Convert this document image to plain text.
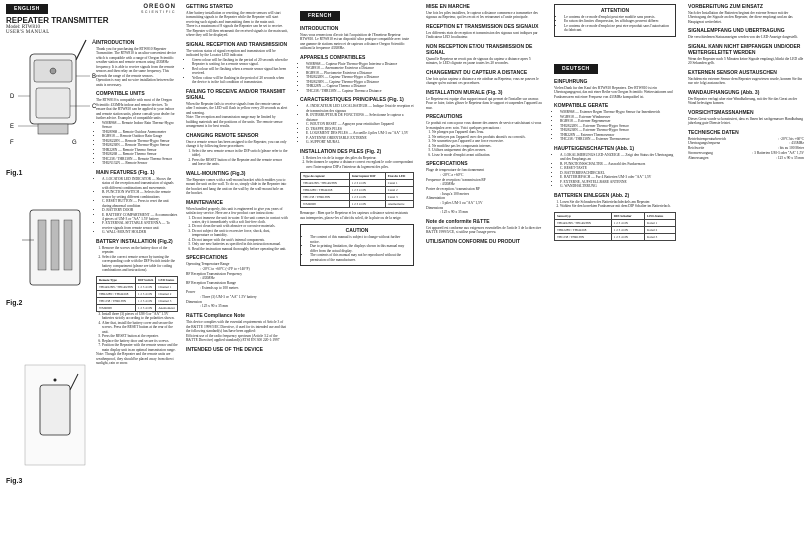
ENGLISH	OREGON
SCIENTIFIC
REPEATER TRANSMITTER
Model: RTW810
USER'S MANUAL
Fig.1
A
B
C
D
E
F	G
Fig.2
Fig.3
INTRODUCTION

Thank you for purchasing the RTW810 Repeater Transmitter. The RTW810 is an ultra-convenient device which is compatible with a range of Oregon Scientific weather station and remote sensors using 433MHz frequency. It is able to receive signals from the remote sensors and then relay on the same frequency. This extends the range of the remote sensors.

Operation is easy and no wire installation between the units is necessary.

COMPATIBLE UNITS

The RTW810 is compatible with most of the Oregon Scientific 433MHz indoor and remote devices. To ensure that the RTW810 can be applied to your indoor and remote station units, please consult your dealer for further advice. Examples of compatible units:

• WMR968 — Remote Indoor Rain Thermo-Hygro Sensor
• THGR968 — Remote Outdoor Anemometer
• RGR918 — Remote Outdoor Rain Gauge
• THGR228N — Remote Thermo-Hygro Sensor
• THGR238N — Remote Thermo-Hygro Sensor
• THR228N — Remote Thermo Sensor
• THGR268 — Remote Thermo Sensor
• THC238 / THR138N — Remote Thermo Sensor
• THGN132N — Remote Sensor
MAIN FEATURES (Fig. 1)
• A. LOCATOR LED INDICATOR — Shows the status of the reception and transmission of signals with different combinations and movements
• B. FUNCTION SWITCH — Selects the remote sensor by setting different combinations
• C. RESET BUTTON — Press to reset the unit during abnormal condition
• D. BATTERY DOOR
• E. BATTERY COMPARTMENT — Accommodates 4 pieces of UM-3 or "AA" 1.5V battery
• F. EXTERNAL SETTABLE ANTENNA — To receive signals from remote sensor unit
• G. WALL-MOUNT HOLDER
BATTERY INSTALLATION (Fig.2)
1. Remove the screws on the battery door of the repeater.
2. Select the correct remote sensor by turning the corresponding code with the DIP Switch inside the battery compartment (please see table for coding combinations and instructions).
Remote Type	DIP Switch	LED Status
THGR228N / THGR238N	1 2 3 4 ON	Channel 1
THR228N / THGR268	1 2 3 4 ON	Channel 2
THC238 / THR138N	1 2 3 4 ON	Channel 3
WMR968	1 2 3 4 ON	Anemometer
3. Install three (3) pieces of UM-3 or "AA" 1.5V batteries strictly according to the polarities shown.
4. After that, install the battery cover and secure the screws. Press the RESET button at the rear of the unit.
5. Press the RESET button at the repeater.
6. Replace the battery door and secure its screws.
7. Position the Repeater with the remote sensor and the main display unit in an optimal transmission range.

Note: Though the Repeater and the remote units are weatherproof, they should be placed away from direct sunlight, rain or snow.

GETTING STARTED

After battery installation or resetting, the remote sensors will start transmitting signals to the Repeater while the Repeater will start receiving such signals and transmitting them to the main unit.

There is a maximum of 8 signals the Repeater can be set to receive. The Repeater will then retransmit the received signals to the main unit, where they will be displayed.

SIGNAL RECEPTION AND TRANSMISSION

The various status of signal reception and transmission will be indicated by the Locator LED indicator.

• Green colour will be flashing in the period of 20 seconds when the Repeater is waiting for a remote sensor signal.
• Red colour will be flashing when a remote sensor signal has been received.
• Yellow colour will be flashing in the period of 20 seconds when the device is in the fail condition of transmission.
FAILING TO RECEIVE AND/OR TRANSMIT SIGNAL

When the Repeater fails to receive signals from the remote sensor after 5 minutes, the LED will flash in yellow every 20 seconds as alert and warning.

Note: The reception and transmission range may be limited by building materials and the positions of the units. The remote sensor arrangement is for best results.

CHANGING REMOTE SENSOR

Once a remote sensor has been assigned to the Repeater, you can only change it by following these procedures:

1. Select the new remote sensor in the DIP switch (please refer to the table).
2. Press the RESET button of the Repeater and the remote sensor and leave the units.
WALL-MOUNTING (Fig.3)

The Repeater comes with a wall-mount bracket which enables you to mount the unit on the wall. To do so, simply slide in the Repeater into the bracket and hang the unit on the wall by the wall-mount hole on the bracket.

MAINTENANCE

When handled properly, this unit is engineered to give you years of satisfactory service. Here are a few product care instructions:

1. Do not immerse the unit in water. If the unit comes in contact with water, dry it immediately with a soft lint-free cloth.
2. Do not clean the unit with abrasive or corrosive materials.
3. Do not subject the unit to excessive force, shock, dust, temperature or humidity.
4. Do not tamper with the unit's internal components.
5. Only use new batteries as specified in this instruction manual.
6. Read the instruction manual thoroughly before operating the unit.
SPECIFICATIONS
Operating Temperature Range
: -20°C to +60°C (-4°F to +140°F)
RF Reception Transmission Frequency
: 433MHz
RF Reception Transmission Range
: Extends up to 100 metres
Power
: Three (3) UM-3 or "AA" 1.5V battery
Dimension
: 125 x 90 x 35 mm
R&TTE Compliance Note

This device complies with the essential requirements of Article 3 of the R&TTE 1999/5/EC Directive, if used for its intended use and that the following standard(s) has/have been applied:

Efficient use of the radio frequency spectrum (Article 3.2 of the R&TTE Directive) applied standard(s) ETSI EN 300 220-1:1997

INTENDED USE OF THE DEVICE
FRENCH
INTRODUCTION

Nous vous remercions d'avoir fait l'acquisition de l'Emetteur Repeteur RTW810. Le RTW810 est un dispositif ultra pratique compatible avec toute une gamme de stations meteo et de capteurs a distance Oregon Scientific utilisant la frequence 433MHz.

APPAREILS COMPATIBLES
• WMR968 — Capteur Pluie Thermo-Hygro Interieur a Distance
• WGR918 — Anemometre Exterieur a Distance
• RGR918 — Pluviometre Exterieur a Distance
• THGR228N — Capteur Thermo-Hygro a Distance
• THGR238N — Capteur Thermo-Hygro a Distance
• THR228N — Capteur Thermo a Distance
• THC238 / THR138N — Capteur Thermo a Distance
CARACTERISTIQUES PRINCIPALES (Fig. 1)
• A. INDICATEUR LED LOCALISATEUR — Indique l'etat de reception et de transmission des signaux
• B. INTERRUPTEUR DE FONCTIONS — Selectionne le capteur a distance
• C. BOUTON RESET — Appuyez pour reinitialiser l'appareil
• D. TRAPPE DES PILES
• E. LOGEMENT DES PILES — Accueille 4 piles UM-3 ou "AA" 1,5V
• F. ANTENNE ORIENTABLE EXTERNE
• G. SUPPORT MURAL
INSTALLATION DES PILES (Fig. 2)
1. Retirez les vis de la trappe des piles du Repeteur.
2. Selectionnez le capteur a distance correct en reglant le code correspondant avec l'interrupteur DIP a l'interieur du logement des piles.
Type de capteur	Interrupteur DIP	Etat du LED
THGR228N / THGR238N	1 2 3 4 ON	Canal 1
THR228N / THGR268	1 2 3 4 ON	Canal 2
THC238 / THR138N	1 2 3 4 ON	Canal 3
WMR968	1 2 3 4 ON	Anemometre

Remarque : Bien que le Repeteur et les capteurs a distance soient resistants aux intemperies, placez-les a l'abri du soleil, de la pluie ou de la neige.

CAUTION
• The content of this manual is subject to change without further notice.
• Due to printing limitation, the displays shown in this manual may differ from the actual display.
• The contents of this manual may not be reproduced without the permission of the manufacturer.
MISE EN MARCHE

Une fois les piles installees, le capteur a distance commence a transmettre des signaux au Repeteur, qui les recoit et les retransmet a l'unite principale.

RECEPTION ET TRANSMISSION DES SIGNAUX

Les differents etats de reception et transmission des signaux sont indiques par l'indicateur LED localisateur.

NON RECEPTION ET/OU TRANSMISSION DE SIGNAL

Quand le Repeteur ne recoit pas de signaux du capteur a distance apres 5 minutes, le LED clignote en jaune toutes les 20 secondes.

CHANGEMENT DU CAPTEUR A DISTANCE

Une fois qu'un capteur a distance a ete attribue au Repeteur, vous ne pouvez le changer qu'en suivant ces procedures.

INSTALLATION MURALE (Fig. 3)

Le Repeteur est equipe d'un support mural qui permet de l'installer sur un mur. Pour ce faire, faites glisser le Repeteur dans le support et suspendez l'appareil au mur.

PRECAUTIONS

Ce produit est concu pour vous donner des annees de service satisfaisant si vous le manipulez avec soin. Voici quelques precautions :

1. Ne plongez pas l'appareil dans l'eau.
2. Ne nettoyez pas l'appareil avec des produits abrasifs ou corrosifs.
3. Ne soumettez pas l'appareil a une force excessive.
4. Ne modifiez pas les composants internes.
5. Utilisez uniquement des piles neuves.
6. Lisez le mode d'emploi avant utilisation.
SPECIFICATIONS
Plage de temperature de fonctionnement
: -20°C a +60°C
Frequence de reception / transmission RF
: 433MHz
Portee de reception / transmission RF
: Jusqu'a 100 metres
Alimentation
: 3 piles UM-3 ou "AA" 1,5V
Dimensions
: 125 x 90 x 35 mm
Note de conformite R&TTE

Cet appareil est conforme aux exigences essentielles de l'article 3 de la directive R&TTE 1999/5/CE, si utilise pour l'usage prevu.

UTILISATION CONFORME DU PRODUIT
ATTENTION
• Le contenu de ce mode d'emploi peut etre modifie sans preavis.
• En raison des limites d'impression, les affichages peuvent differer.
• Le contenu de ce mode d'emploi ne peut etre reproduit sans l'autorisation du fabricant.
DEUTSCH
EINFUHRUNG

Vielen Dank fur den Kauf des RTW810 Repeaters. Der RTW810 ist ein Ubertragungsgerat, das mit einer Reihe von Oregon Scientific Wetterstationen und Funksensoren mit einer Frequenz von 433MHz kompatibel ist.

KOMPATIBLE GERATE
• WMR968 — Externer Regen Thermo-Hygro Sensor fur Innenbereich
• WGR918 — Externer Windmesser
• RGR918 — Externer Regenmesser
• THGR228N — Externer Thermo-Hygro Sensor
• THGR238N — Externer Thermo-Hygro Sensor
• THR228N — Externer Thermosensor
• THC238 / THR138N — Externer Thermosensor
HAUPTEIGENSCHAFTEN (Abb. 1)
• A. LOKALISIERUNGS LED-ANZEIGE — Zeigt den Status der Ubertragung und des Empfangs an
• B. FUNKTIONSSCHALTER — Auswahl des Funksensors
• C. RESET-TASTE
• D. BATTERIEFACHDECKEL
• E. BATTERIEFACH — Fur 4 Batterien UM-3 oder "AA" 1,5V
• F. EXTERNE, AUFSTELLBARE ANTENNE
• G. WANDHALTERUNG
BATTERIEN EINLEGEN (Abb. 2)
1. Losen Sie die Schrauben des Batteriefachdeckels am Repeater.
2. Wahlen Sie den korrekten Funksensor mit dem DIP Schalter im Batteriefach.
Sensortyp	DIP-Schalter	LED-Status
THGR228N / THGR238N	1 2 3 4 ON	Kanal 1
THR228N / THGR268	1 2 3 4 ON	Kanal 2
THC238 / THR138N	1 2 3 4 ON	Kanal 3
VORBEREITUNG ZUM EINSATZ

Nach der Installation der Batterien beginnt der externe Sensor mit der Ubertragung der Signale an den Repeater, der diese empfangt und an das Hauptgerat weiterleitet.

SIGNALEMPFANG UND UBERTRAGUNG

Die verschiedenen Statusanzeigen werden von der LED-Anzeige dargestellt.

SIGNAL KANN NICHT EMPFANGEN UND/ODER WEITERGELEITET WERDEN

Wenn der Repeater nach 5 Minuten keine Signale empfangt, blinkt die LED alle 20 Sekunden gelb.

EXTERNEN SENSOR AUSTAUSCHEN

Nachdem ein externer Sensor dem Repeater zugewiesen wurde, konnen Sie ihn nur wie folgt austauschen.

WANDAUFHANGUNG (Abb. 3)

Der Repeater verfugt uber eine Wandhalterung, mit der Sie das Gerat an der Wand befestigen konnen.

VORSICHTSMASSNAHMEN

Dieses Gerat wurde so konstruiert, dass es Ihnen bei sachgemasser Handhabung jahrelang gute Dienste leistet.

TECHNISCHE DATEN
Betriebstemperaturbereich	: -20°C bis +60°C
Ubertragungsfrequenz	: 433MHz
Reichweite	: bis zu 100 Meter
Stromversorgung	: 3 Batterien UM-3 oder "AA" 1,5V
Abmessungen	: 125 x 90 x 35 mm
